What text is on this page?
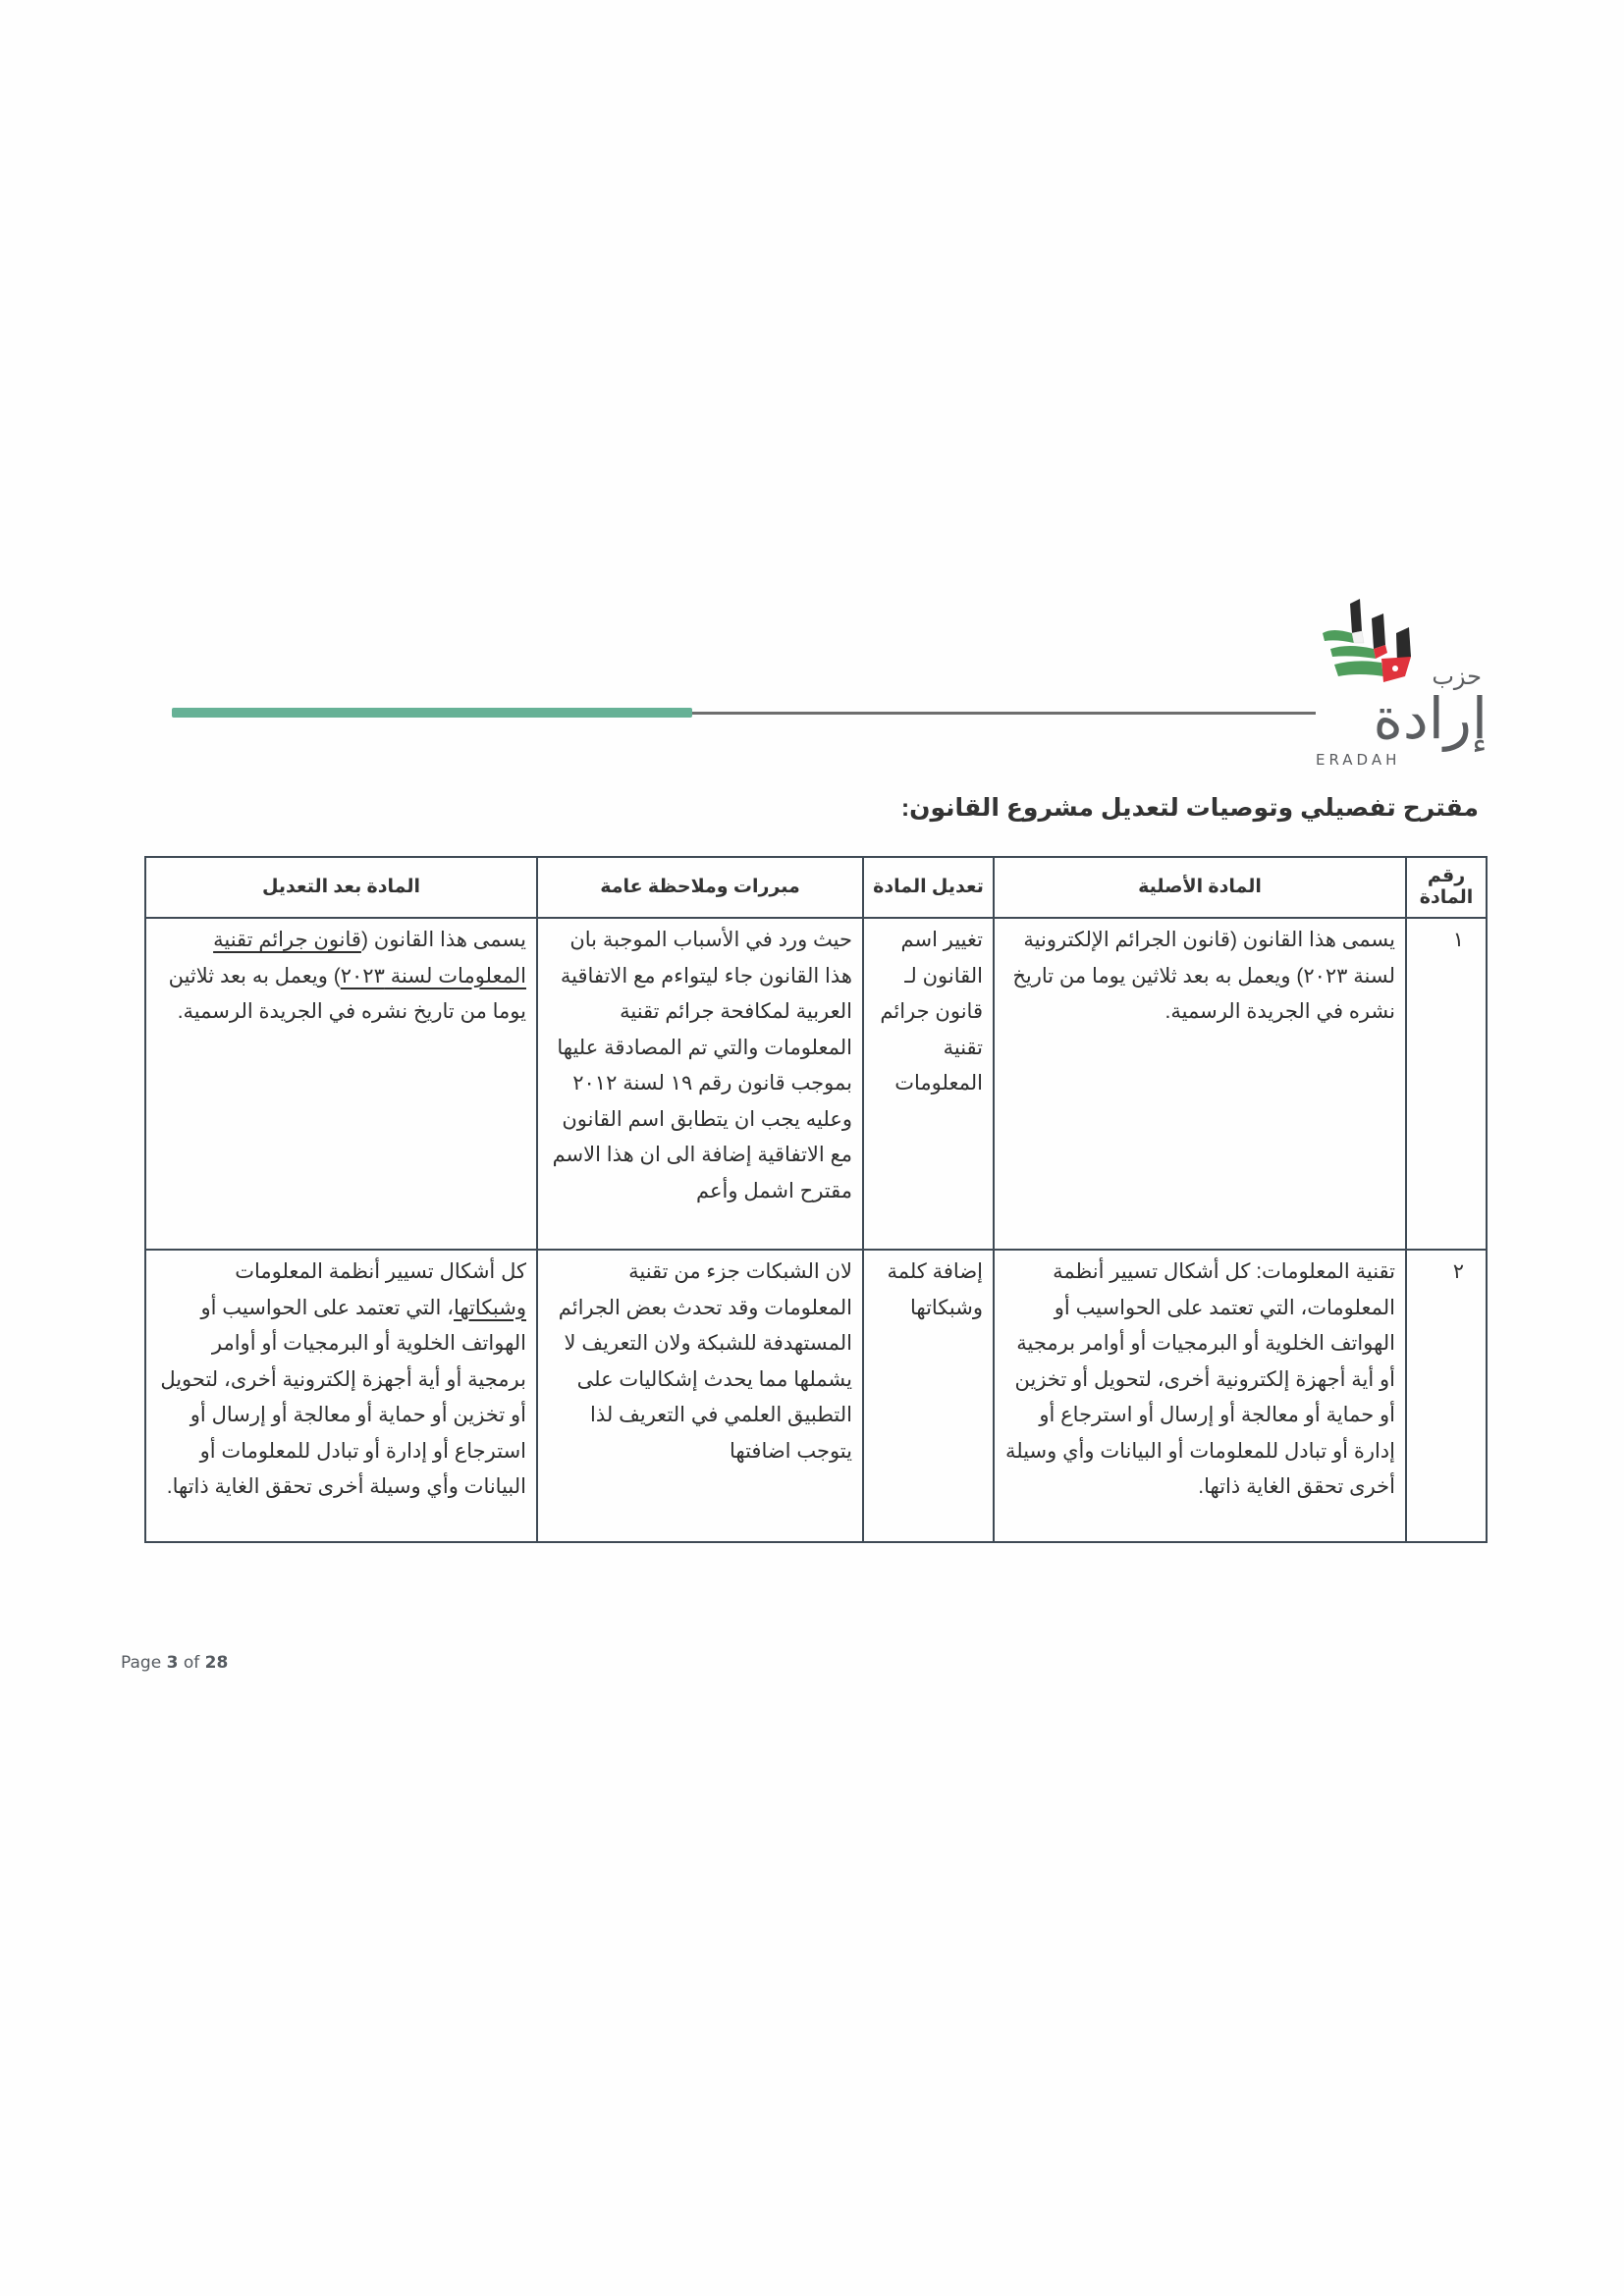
حزب
إرادة
ERADAH
مقترح تفصيلي وتوصيات لتعديل مشروع القانون:
رقم المادة	المادة الأصلية	تعديل المادة	مبررات وملاحظة عامة	المادة بعد التعديل
١	يسمى هذا القانون (قانون الجرائم الإلكترونية لسنة ٢٠٢٣) ويعمل به بعد ثلاثين يوما من تاريخ نشره في الجريدة الرسمية.	تغيير اسم القانون لـ قانون جرائم تقنية المعلومات	حيث ورد في الأسباب الموجبة بان هذا القانون جاء ليتواءم مع الاتفاقية العربية لمكافحة جرائم تقنية المعلومات والتي تم المصادقة عليها بموجب قانون رقم ١٩ لسنة ٢٠١٢ وعليه يجب ان يتطابق اسم القانون مع الاتفاقية إضافة الى ان هذا الاسم مقترح اشمل وأعم	يسمى هذا القانون (قانون جرائم تقنية المعلومات لسنة ٢٠٢٣) ويعمل به بعد ثلاثين يوما من تاريخ نشره في الجريدة الرسمية.
٢	تقنية المعلومات: كل أشكال تسيير أنظمة المعلومات، التي تعتمد على الحواسيب أو الهواتف الخلوية أو البرمجيات أو أوامر برمجية أو أية أجهزة إلكترونية أخرى، لتحويل أو تخزين أو حماية أو معالجة أو إرسال أو استرجاع أو إدارة أو تبادل للمعلومات أو البيانات وأي وسيلة أخرى تحقق الغاية ذاتها.	إضافة كلمة وشبكاتها	لان الشبكات جزء من تقنية المعلومات وقد تحدث بعض الجرائم المستهدفة للشبكة ولان التعريف لا يشملها مما يحدث إشكاليات على التطبيق العلمي في التعريف لذا يتوجب اضافتها	كل أشكال تسيير أنظمة المعلومات وشبكاتها، التي تعتمد على الحواسيب أو الهواتف الخلوية أو البرمجيات أو أوامر برمجية أو أية أجهزة إلكترونية أخرى، لتحويل أو تخزين أو حماية أو معالجة أو إرسال أو استرجاع أو إدارة أو تبادل للمعلومات أو البيانات وأي وسيلة أخرى تحقق الغاية ذاتها.
Page 3 of 28
